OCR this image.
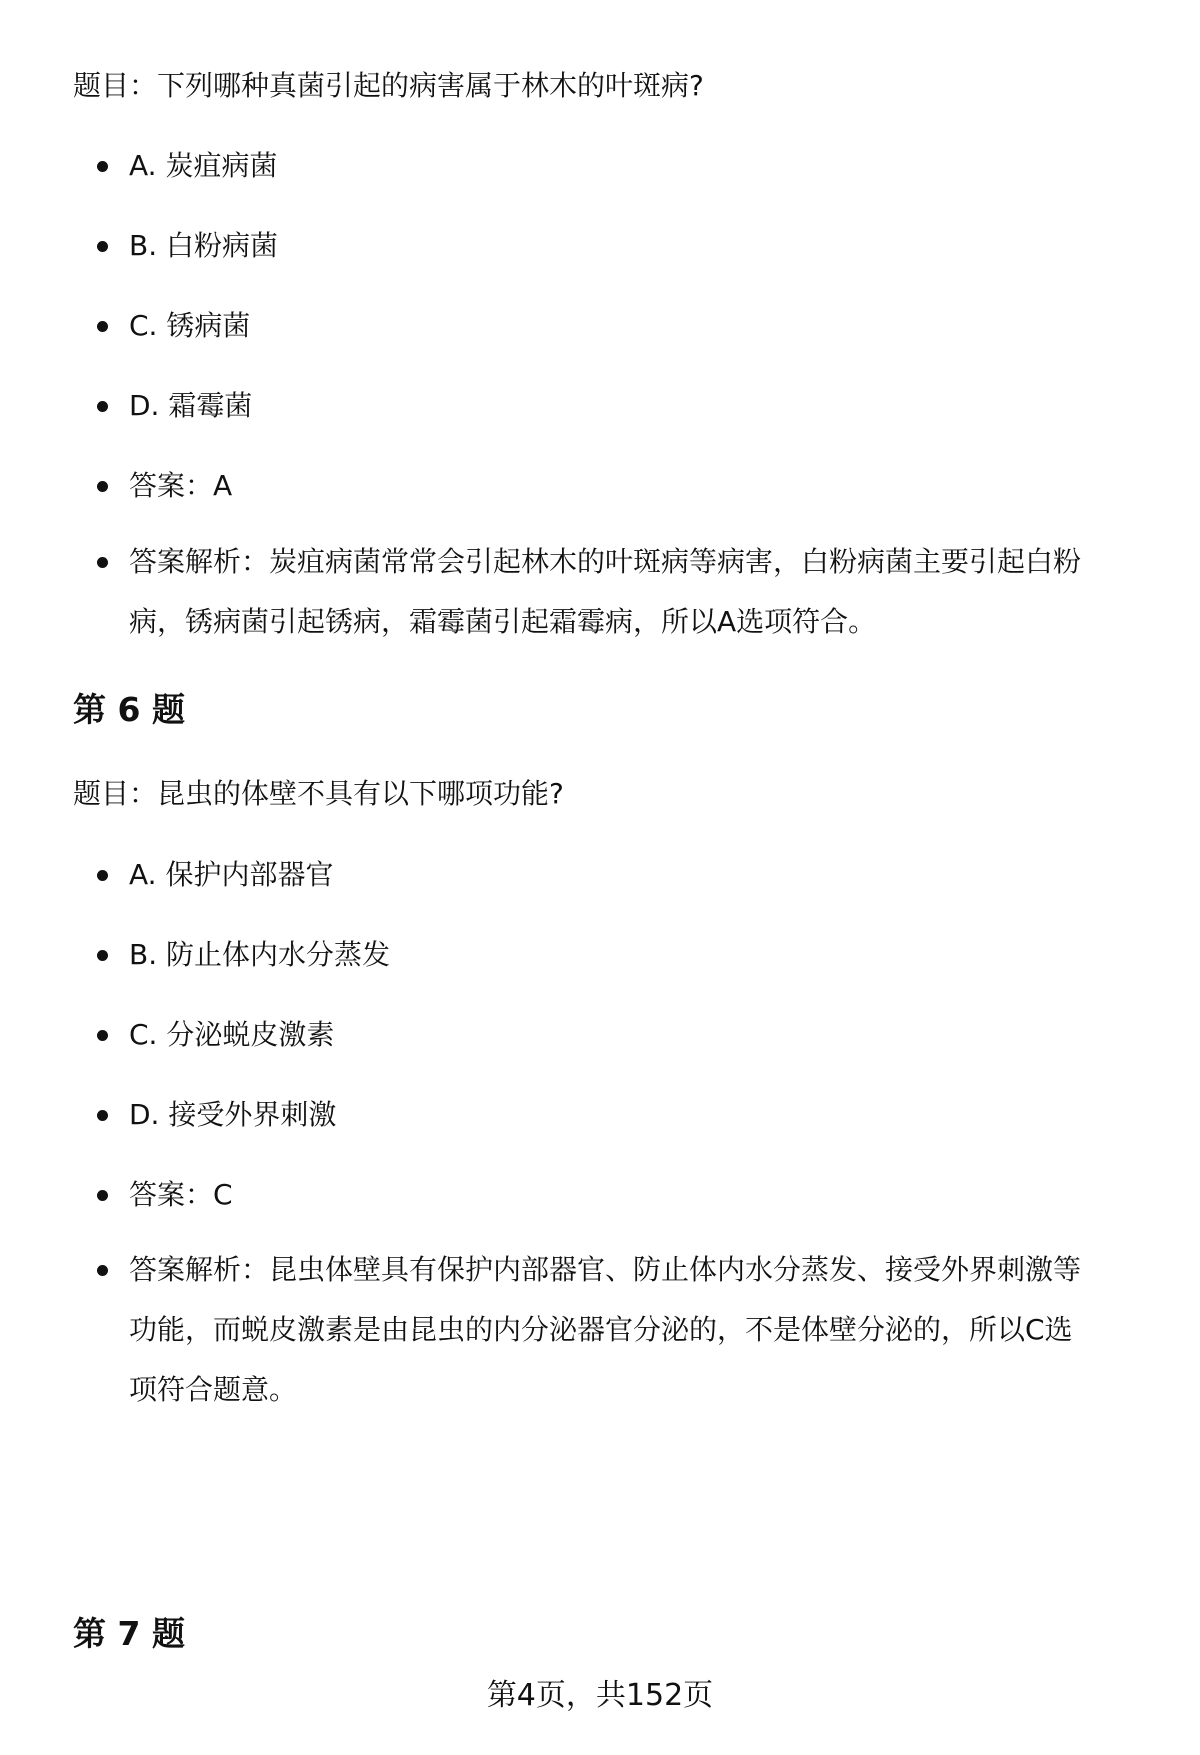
题目：下列哪种真菌引起的病害属于林木的叶斑病?

A. 炭疽病菌
B. 白粉病菌
C. 锈病菌
D. 霜霉菌
答案：A
答案解析：炭疽病菌常常会引起林木的叶斑病等病害，白粉病菌主要引起白粉
病，锈病菌引起锈病，霜霉菌引起霜霉病，所以A选项符合。
第 6 题

题目：昆虫的体壁不具有以下哪项功能?

A. 保护内部器官
B. 防止体内水分蒸发
C. 分泌蜕皮激素
D. 接受外界刺激
答案：C
答案解析：昆虫体壁具有保护内部器官、防止体内水分蒸发、接受外界刺激等
功能，而蜕皮激素是由昆虫的内分泌器官分泌的，不是体壁分泌的，所以C选
项符合题意。
第 7 题
第4页，共152页
